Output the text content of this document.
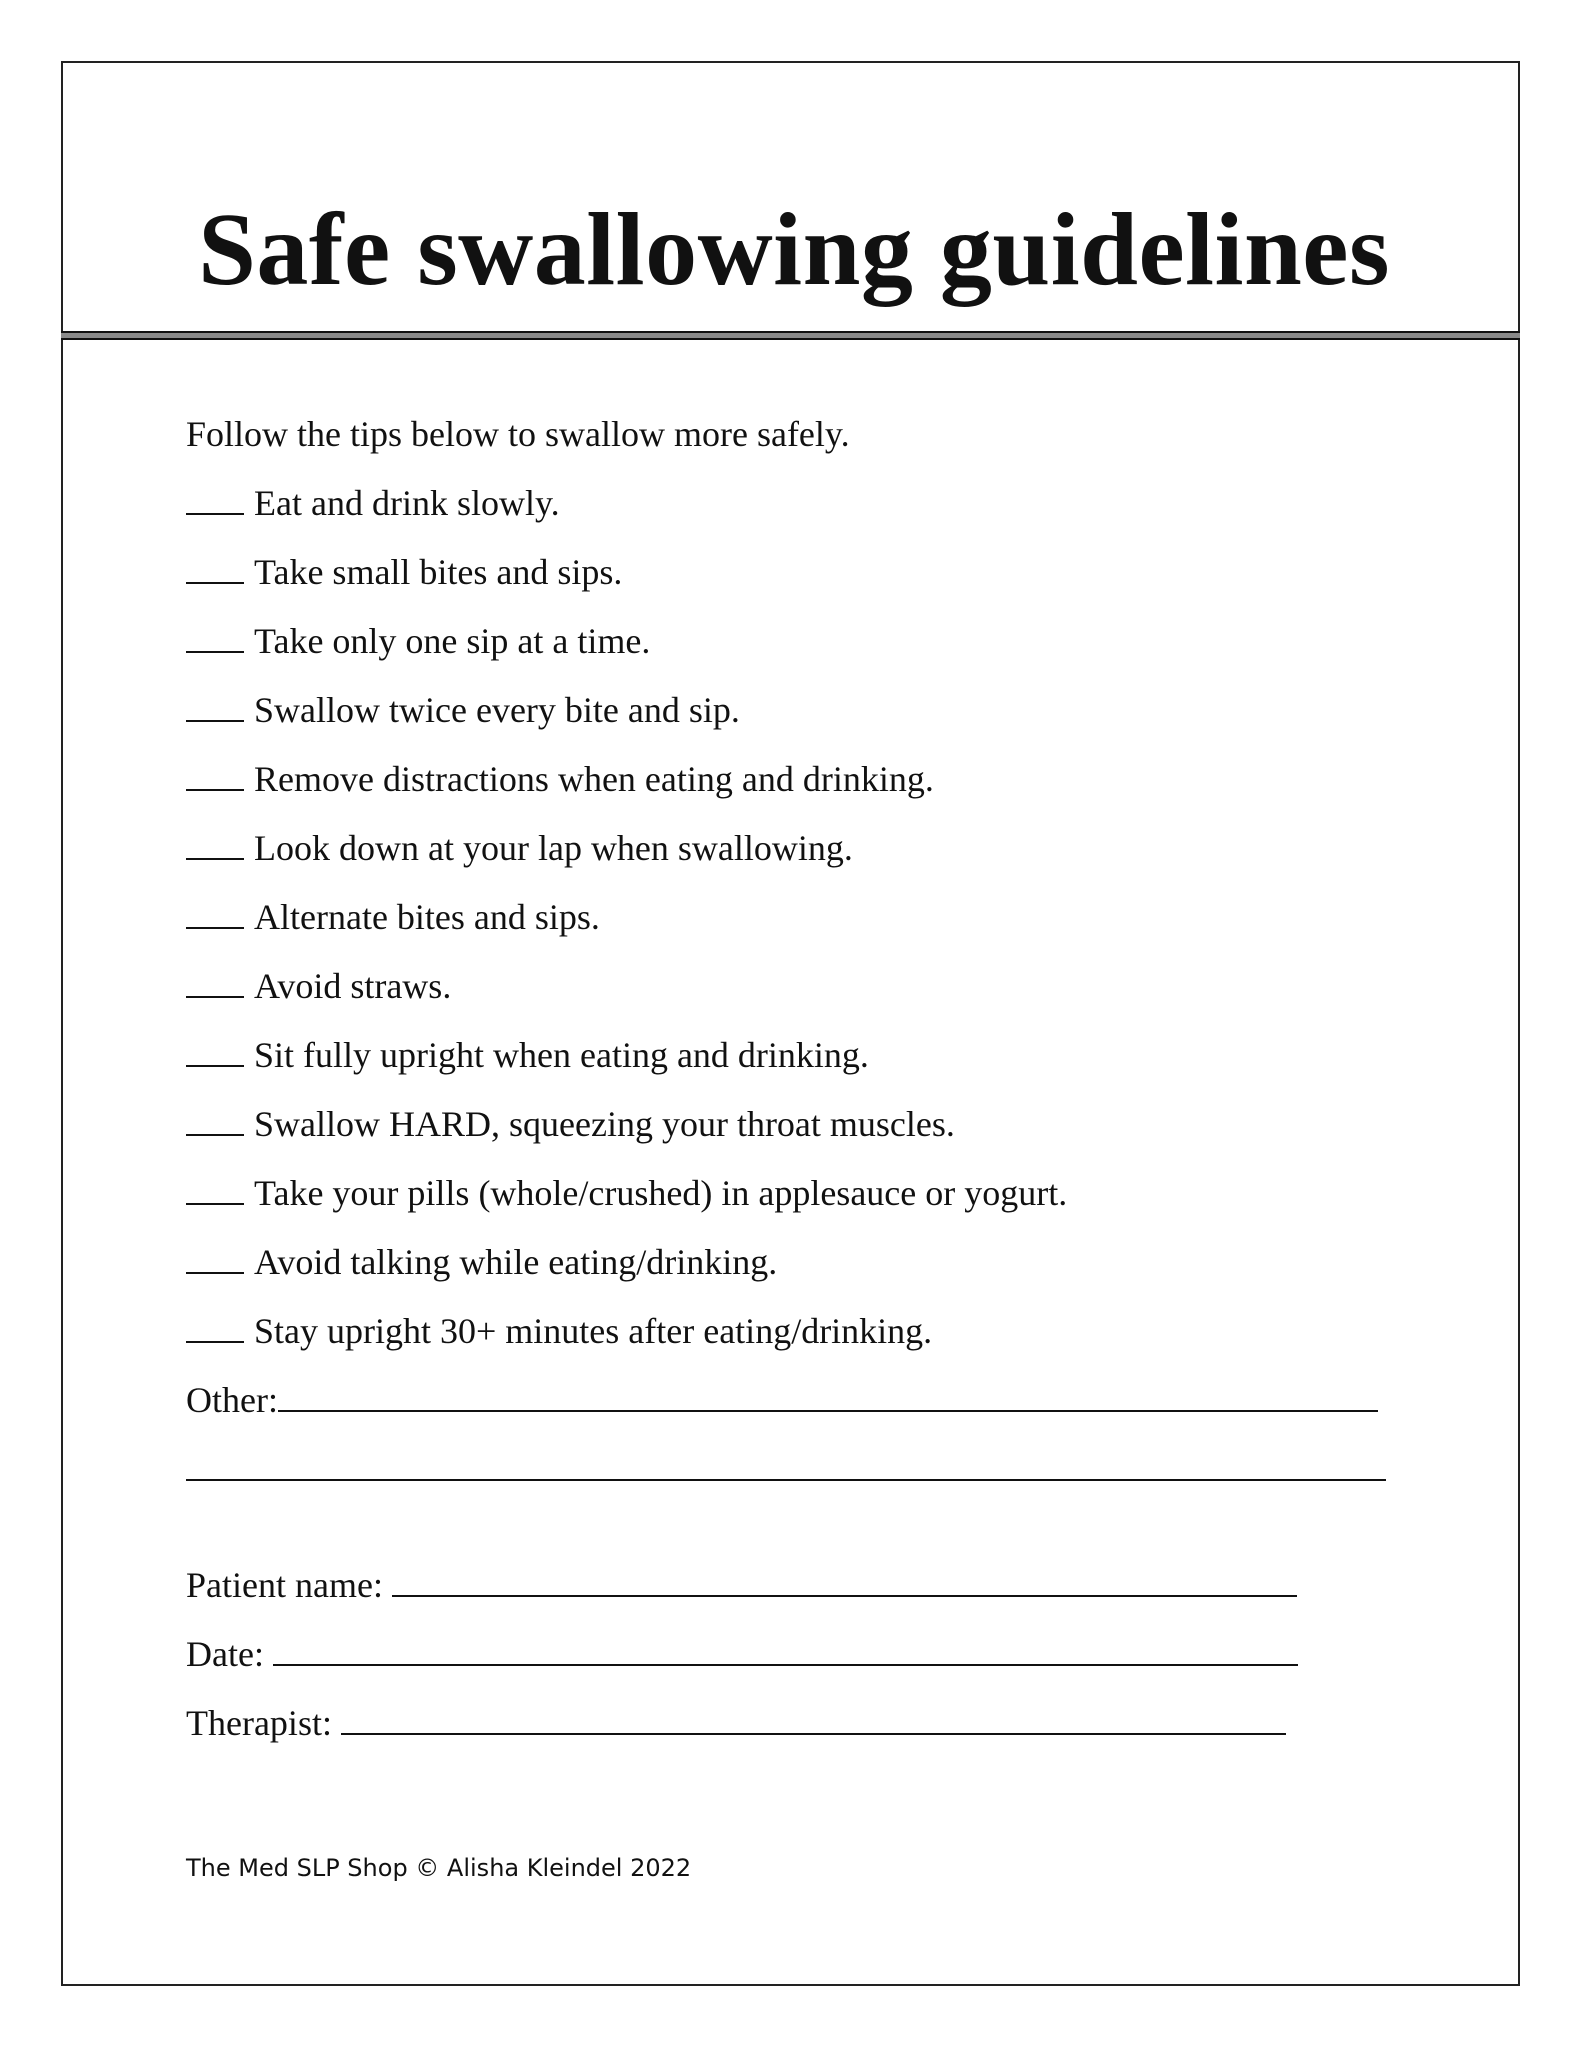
Safe swallowing guidelines
Follow the tips below to swallow more safely.
Eat and drink slowly.
Take small bites and sips.
Take only one sip at a time.
Swallow twice every bite and sip.
Remove distractions when eating and drinking.
Look down at your lap when swallowing.
Alternate bites and sips.
Avoid straws.
Sit fully upright when eating and drinking.
Swallow HARD, squeezing your throat muscles.
Take your pills (whole/crushed) in applesauce or yogurt.
Avoid talking while eating/drinking.
Stay upright 30+ minutes after eating/drinking.
Other:
Patient name:
Date:
Therapist:
The Med SLP Shop © Alisha Kleindel 2022
